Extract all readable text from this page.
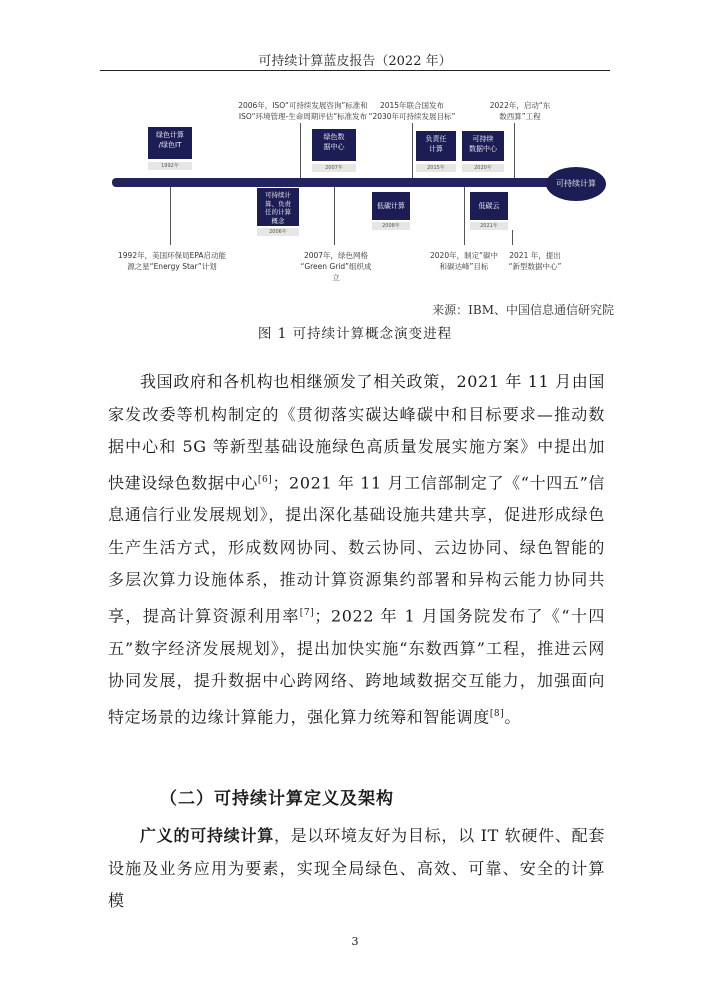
可持续计算蓝皮报告（2022 年）
可持续计算
绿色计算
/绿色IT
1992年
绿色数
据中心
2007年
负责任
计算
2015年
可持续
数据中心
2020年
可持续计
算、负责
任的计算
概念
2006年
低碳计算
2008年
低碳云
2021年
2006年，ISO“可持续发展咨询”标准和
ISO“环境管理-生命周期评估”标准发布
2015年联合国发布
“2030年可持续发展目标”
2022年，启动“东
数西算”工程
1992年，美国环保局EPA启动能
源之星“Energy Star”计划
2007年，绿色网格
“Green Grid”组织成立
2020年，制定“碳中
和碳达峰”目标
2021 年，提出
“新型数据中心”
来源：IBM、中国信息通信研究院
图 1 可持续计算概念演变进程

我国政府和各机构也相继颁发了相关政策，2021 年 11 月由国家发改委等机构制定的《贯彻落实碳达峰碳中和目标要求—推动数据中心和 5G 等新型基础设施绿色高质量发展实施方案》中提出加快建设绿色数据中心[6]；2021 年 11 月工信部制定了《“十四五”信息通信行业发展规划》，提出深化基础设施共建共享，促进形成绿色生产生活方式，形成数网协同、数云协同、云边协同、绿色智能的多层次算力设施体系，推动计算资源集约部署和异构云能力协同共享，提高计算资源利用率[7]；2022 年 1 月国务院发布了《“十四五”数字经济发展规划》，提出加快实施“东数西算”工程，推进云网协同发展，提升数据中心跨网络、跨地域数据交互能力，加强面向特定场景的边缘计算能力，强化算力统筹和智能调度[8]。

（二）可持续计算定义及架构

广义的可持续计算，是以环境友好为目标，以 IT 软硬件、配套设施及业务应用为要素，实现全局绿色、高效、可靠、安全的计算模

3
